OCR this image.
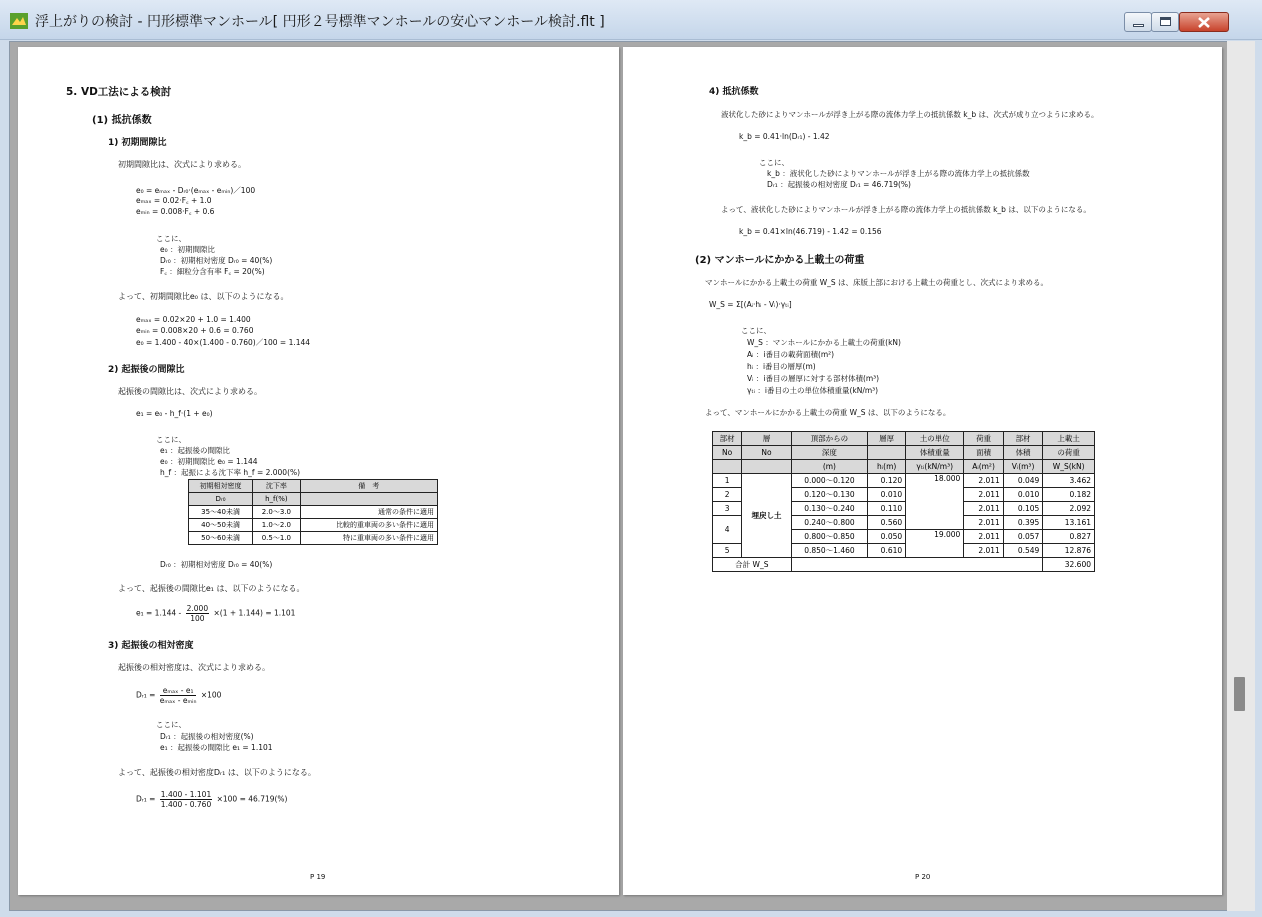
浮上がりの検討 - 円形標準マンホール[ 円形２号標準マンホールの安心マンホール検討.flt ]
5. VD工法による検討
(1) 抵抗係数
1) 初期間隙比
初期間隙比は、次式により求める。
e₀ = eₘₐₓ - Dᵣ₀·(eₘₐₓ - eₘᵢₙ)／100
eₘₐₓ = 0.02·F꜀ + 1.0
eₘᵢₙ = 0.008·F꜀ + 0.6
ここに、
e₀ ：初期間隙比
Dᵣ₀ ：初期相対密度 Dᵣ₀ = 40(%)
F꜀ ：細粒分含有率 F꜀ = 20(%)
よって、初期間隙比e₀ は、以下のようになる。
eₘₐₓ = 0.02×20 + 1.0 = 1.400
eₘᵢₙ = 0.008×20 + 0.6 = 0.760
e₀ = 1.400 - 40×(1.400 - 0.760)／100 = 1.144
2) 起振後の間隙比
起振後の間隙比は、次式により求める。
e₁ = e₀ - h_f·(1 + e₀)
ここに、
e₁ ：起振後の間隙比
e₀ ：初期間隙比 e₀ = 1.144
h_f ：起振による沈下率 h_f = 2.000(%)
初期相対密度	沈下率	備　考
Dᵣ₀	h_f(%)	
35～40未満	2.0～3.0	通常の条件に適用
40～50未満	1.0～2.0	比較的重車両の多い条件に適用
50～60未満	0.5～1.0	特に重車両の多い条件に適用
Dᵣ₀ ：初期相対密度 Dᵣ₀ = 40(%)
よって、起振後の間隙比e₁ は、以下のようになる。
$e_1 = 1.144 - \frac{2.000}{100} \times(1 + 1.144) = 1.101$
3) 起振後の相対密度
起振後の相対密度は、次式により求める。
Dᵣ₁ = $\frac{\text{eₘₐₓ - e₁}}{\text{eₘₐₓ - eₘᵢₙ}} \times 100$
ここに、
Dᵣ₁ ：起振後の相対密度(%)
e₁ ：起振後の間隙比 e₁ = 1.101
よって、起振後の相対密度Dᵣ₁ は、以下のようになる。
Dᵣ₁ = $\frac{1.400 - 1.101}{1.400 - 0.760} \times 100 = 46.719(\%)$
P 19
4) 抵抗係数
液状化した砂によりマンホールが浮き上がる際の流体力学上の抵抗係数 k_b は、次式が成り立つように求める。
k_b = 0.41·ln(Dᵣ₁) - 1.42
ここに、
k_b ：液状化した砂によりマンホールが浮き上がる際の流体力学上の抵抗係数
Dᵣ₁ ：起振後の相対密度 Dᵣ₁ = 46.719(%)
よって、液状化した砂によりマンホールが浮き上がる際の流体力学上の抵抗係数 k_b は、以下のようになる。
k_b = 0.41×ln(46.719) - 1.42 = 0.156
(2) マンホールにかかる上載土の荷重
マンホールにかかる上載土の荷重 W_S は、床版上部における上載土の荷重とし、次式により求める。
W_S = Σ[(Aᵢ·hᵢ - Vᵢ)·γₜᵢ]
ここに、
W_S ：マンホールにかかる上載土の荷重(kN)
Aᵢ ：i番目の載荷面積(m²)
hᵢ ：i番目の層厚(m)
Vᵢ ：i番目の層厚に対する部材体積(m³)
γₜᵢ ：i番目の土の単位体積重量(kN/m³)
よって、マンホールにかかる上載土の荷重 W_S は、以下のようになる。
部材	層	頂部からの	層厚	土の単位	荷重	部材	上載土
No	No	深度		体積重量	面積	体積	の荷重
		(m)	hᵢ(m)	γₜᵢ(kN/m³)	Aᵢ(m²)	Vᵢ(m³)	W_S(kN)
1	埋戻し土	0.000～0.120	0.120	18.000	2.011	0.049	3.462
2		0.120～0.130	0.010		2.011	0.010	0.182
3		0.130～0.240	0.110		2.011	0.105	2.092
4		0.240～0.800	0.560		2.011	0.395	13.161
		0.800～0.850	0.050	19.000	2.011	0.057	0.827
5		0.850～1.460	0.610		2.011	0.549	12.876
合計 W_S							32.600
P 20
